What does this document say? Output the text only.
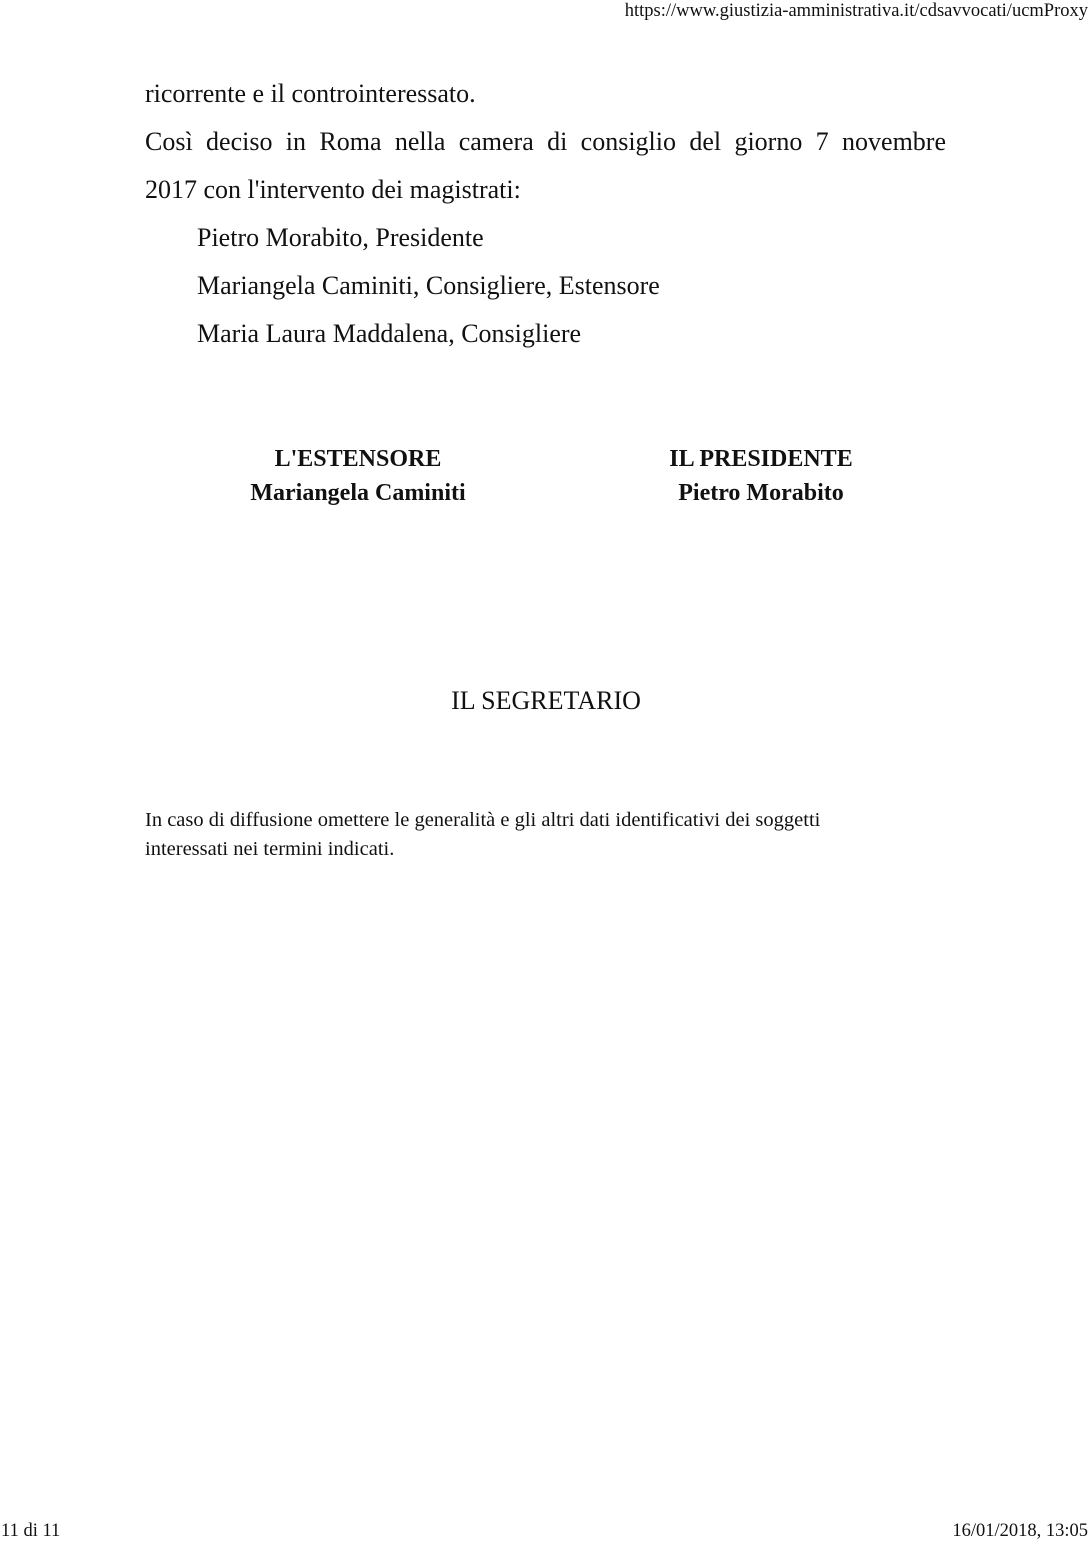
https://www.giustizia-amministrativa.it/cdsavvocati/ucmProxy

ricorrente e il controinteressato.

Così deciso in Roma nella camera di consiglio del giorno 7 novembre

2017 con l'intervento dei magistrati:

Pietro Morabito, Presidente

Mariangela Caminiti, Consigliere, Estensore

Maria Laura Maddalena, Consigliere

L'ESTENSORE
Mariangela Caminiti
IL PRESIDENTE
Pietro Morabito
IL SEGRETARIO
In caso di diffusione omettere le generalità e gli altri dati identificativi dei soggetti interessati nei termini indicati.
11 di 11	16/01/2018, 13:05
